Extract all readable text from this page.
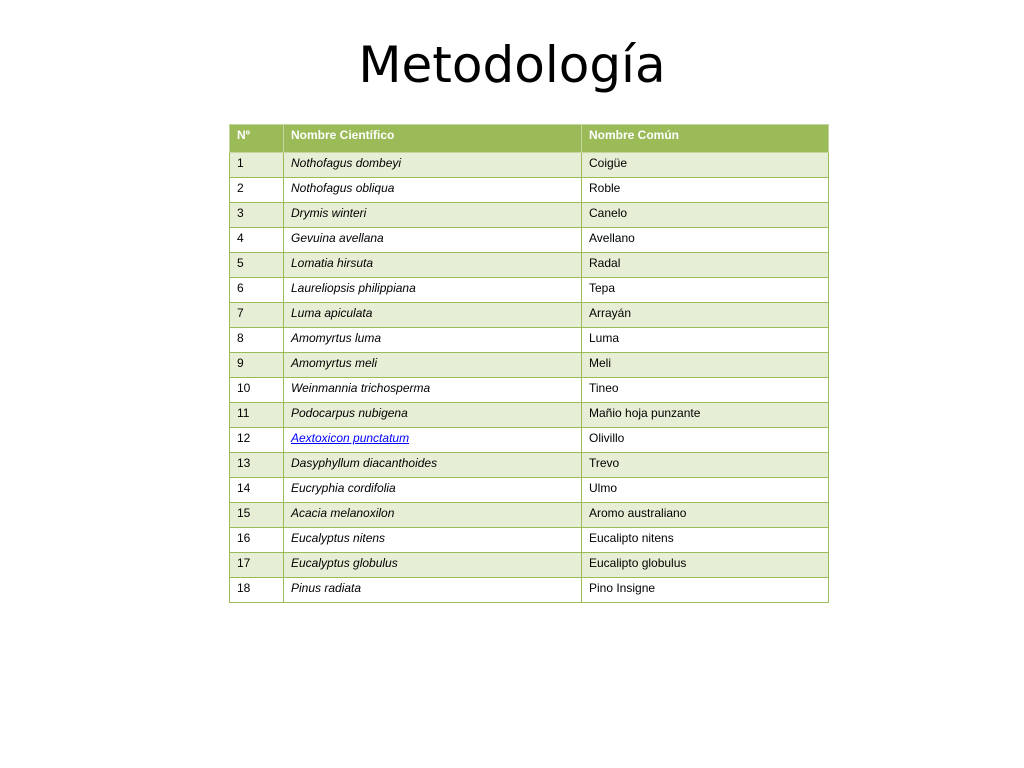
Metodología
Nº	Nombre Científico	Nombre Común
1	Nothofagus dombeyi	Coigüe
2	Nothofagus obliqua	Roble
3	Drymis winteri	Canelo
4	Gevuina avellana	Avellano
5	Lomatia hirsuta	Radal
6	Laureliopsis philippiana	Tepa
7	Luma apiculata	Arrayán
8	Amomyrtus luma	Luma
9	Amomyrtus meli	Meli
10	Weinmannia trichosperma	Tineo
11	Podocarpus nubigena	Mañio hoja punzante
12	Aextoxicon punctatum	Olivillo
13	Dasyphyllum diacanthoides	Trevo
14	Eucryphia cordifolia	Ulmo
15	Acacia melanoxilon	Aromo australiano
16	Eucalyptus nitens	Eucalipto nitens
17	Eucalyptus globulus	Eucalipto globulus
18	Pinus radiata	Pino Insigne
